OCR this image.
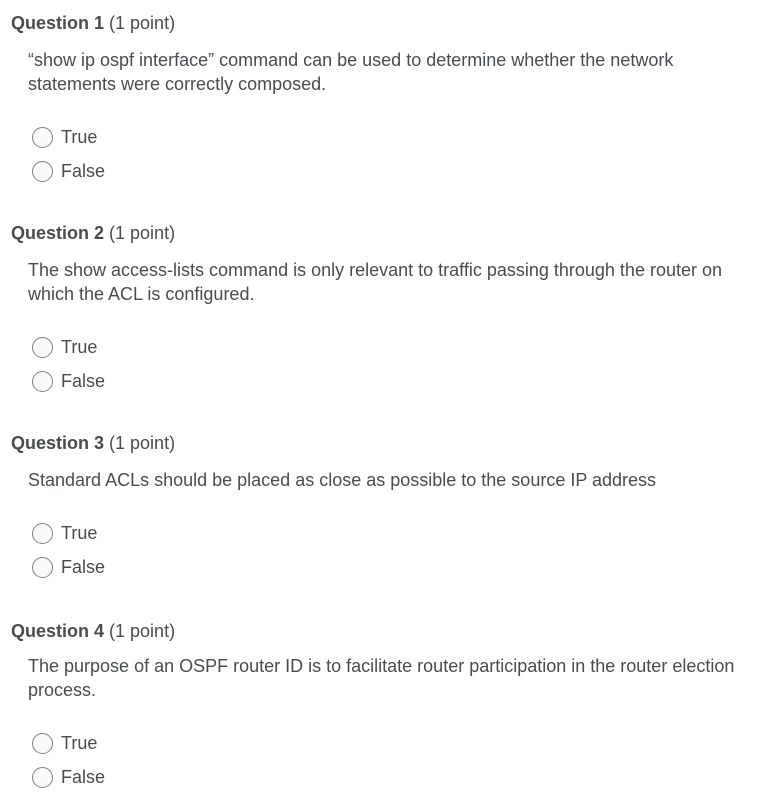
Question 1 (1 point)
“show ip ospf interface” command can be used to determine whether the network statements were correctly composed.
True
False
Question 2 (1 point)
The show access-lists command is only relevant to traffic passing through the router on which the ACL is configured.
True
False
Question 3 (1 point)
Standard ACLs should be placed as close as possible to the source IP address
True
False
Question 4 (1 point)
The purpose of an OSPF router ID is to facilitate router participation in the router election process.
True
False
